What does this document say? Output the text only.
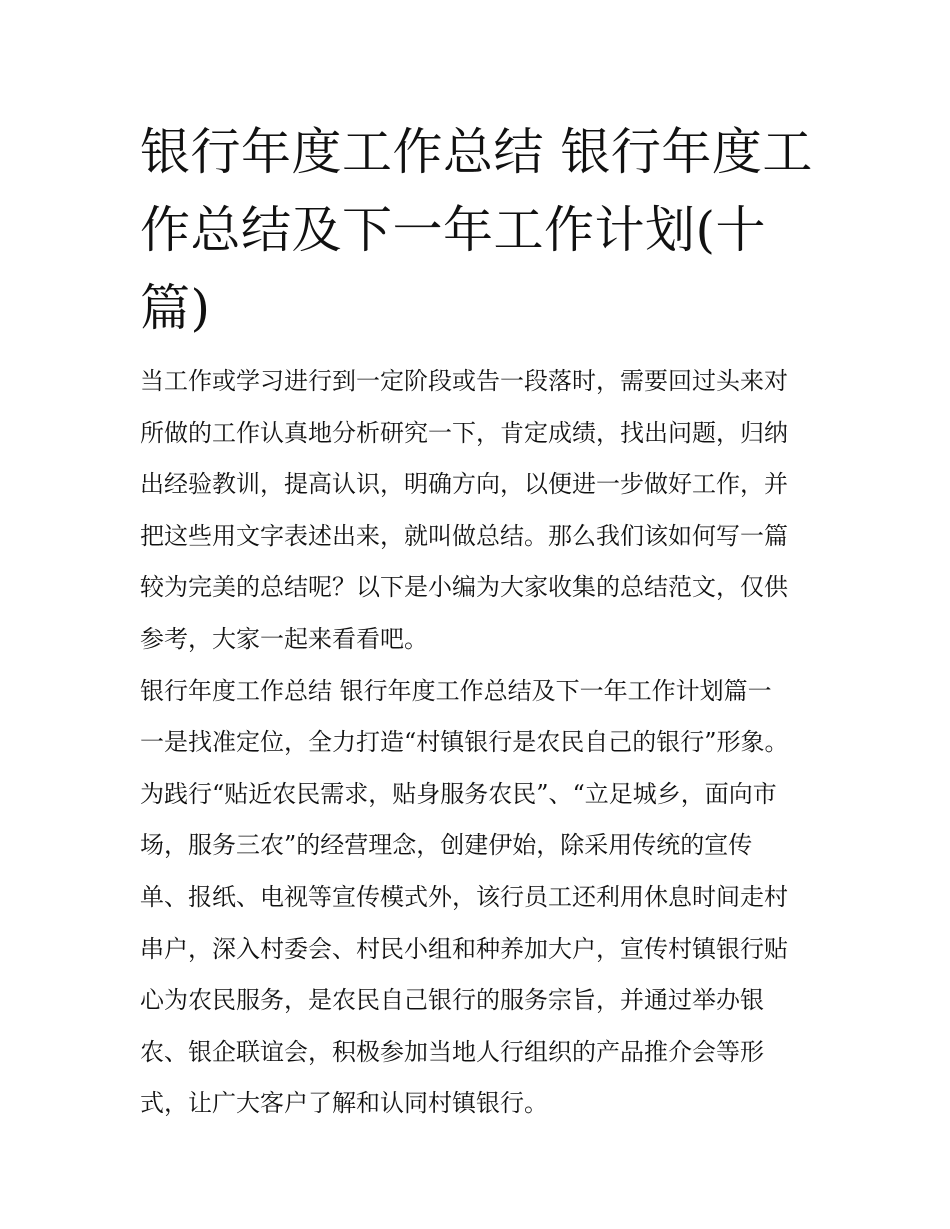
银行年度工作总结 银行年度工
作总结及下一年工作计划(十
篇)
当工作或学习进行到一定阶段或告一段落时，需要回过头来对
所做的工作认真地分析研究一下，肯定成绩，找出问题，归纳
出经验教训，提高认识，明确方向，以便进一步做好工作，并
把这些用文字表述出来，就叫做总结。那么我们该如何写一篇
较为完美的总结呢？以下是小编为大家收集的总结范文，仅供
参考，大家一起来看看吧。
银行年度工作总结 银行年度工作总结及下一年工作计划篇一
一是找准定位，全力打造“村镇银行是农民自己的银行”形象。
为践行“贴近农民需求，贴身服务农民”、“立足城乡，面向市
场，服务三农”的经营理念，创建伊始，除采用传统的宣传
单、报纸、电视等宣传模式外，该行员工还利用休息时间走村
串户，深入村委会、村民小组和种养加大户，宣传村镇银行贴
心为农民服务，是农民自己银行的服务宗旨，并通过举办银
农、银企联谊会，积极参加当地人行组织的产品推介会等形
式，让广大客户了解和认同村镇银行。
